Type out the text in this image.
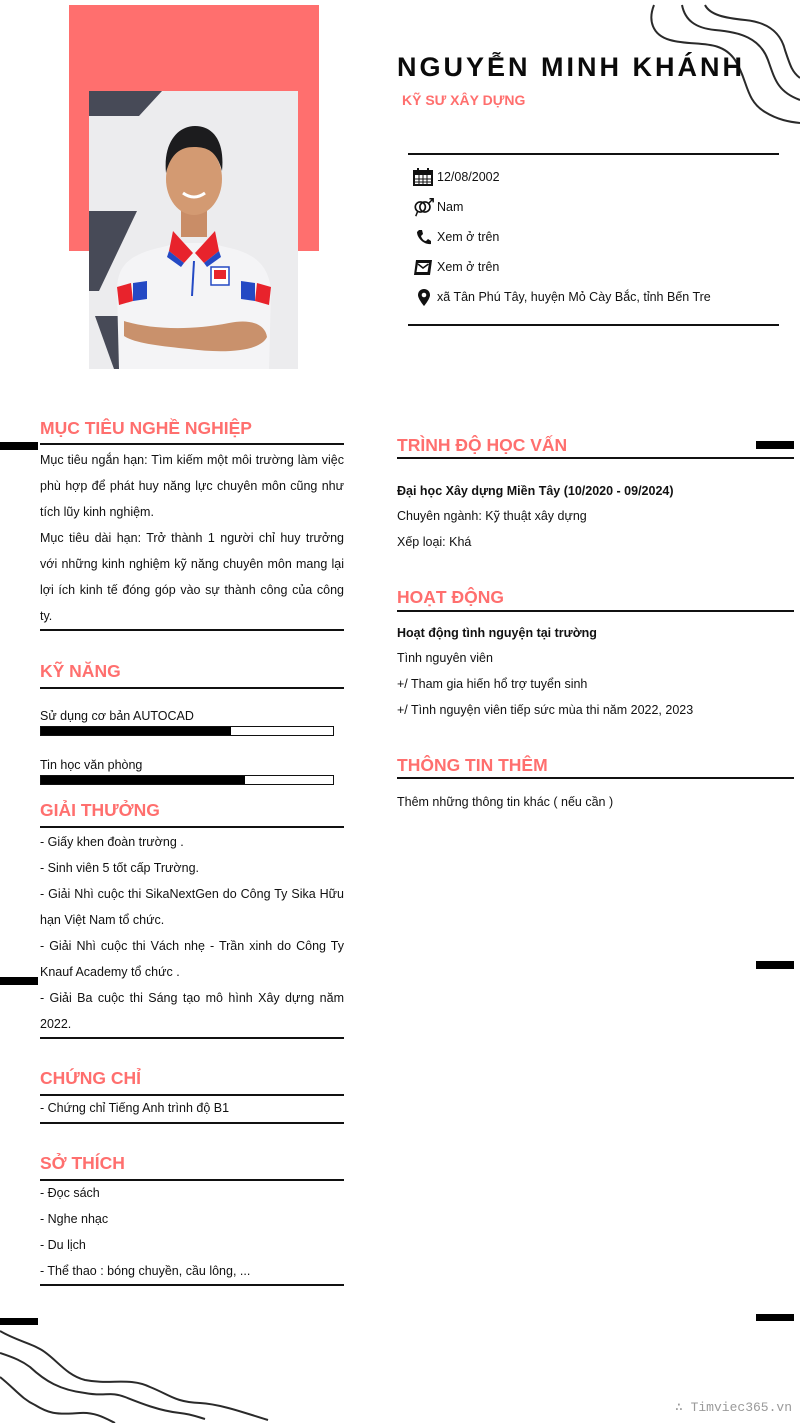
NGUYỄN MINH KHÁNH
KỸ SƯ XÂY DỰNG
12/08/2002
Nam
Xem ở trên
Xem ở trên
xã Tân Phú Tây, huyện Mỏ Cày Bắc, tỉnh Bến Tre
MỤC TIÊU NGHỀ NGHIỆP

Mục tiêu ngắn hạn: Tìm kiếm một môi trường làm việc phù hợp để phát huy năng lực chuyên môn cũng như tích lũy kinh nghiệm.

Mục tiêu dài hạn: Trở thành 1 người chỉ huy trưởng với những kinh nghiệm kỹ năng chuyên môn mang lại lợi ích kinh tế đóng góp vào sự thành công của công ty.

KỸ NĂNG
Sử dụng cơ bản AUTOCAD
Tin học văn phòng
GIẢI THƯỞNG

- Giấy khen đoàn trường .

- Sinh viên 5 tốt cấp Trường.

- Giải Nhì cuộc thi SikaNextGen do Công Ty Sika Hữu hạn Việt Nam tổ chức.

- Giải Nhì cuộc thi Vách nhẹ - Trần xinh do Công Ty Knauf Academy tổ chức .

- Giải Ba cuộc thi Sáng tạo mô hình Xây dựng năm 2022.

CHỨNG CHỈ
- Chứng chỉ Tiếng Anh trình độ B1
SỞ THÍCH

- Đọc sách

- Nghe nhạc

- Du lịch

- Thể thao : bóng chuyền, cầu lông, ...

TRÌNH ĐỘ HỌC VẤN
Đại học Xây dựng Miền Tây (10/2020 - 09/2024)
Chuyên ngành: Kỹ thuật xây dựng
Xếp loại: Khá
HOẠT ĐỘNG
Hoạt động tình nguyện tại trường
Tình nguyên viên
+/ Tham gia hiến hổ trợ tuyển sinh
+/ Tình nguyện viên tiếp sức mùa thi năm 2022, 2023
THÔNG TIN THÊM
Thêm những thông tin khác ( nếu cần )
∴ Timviec365.vn
